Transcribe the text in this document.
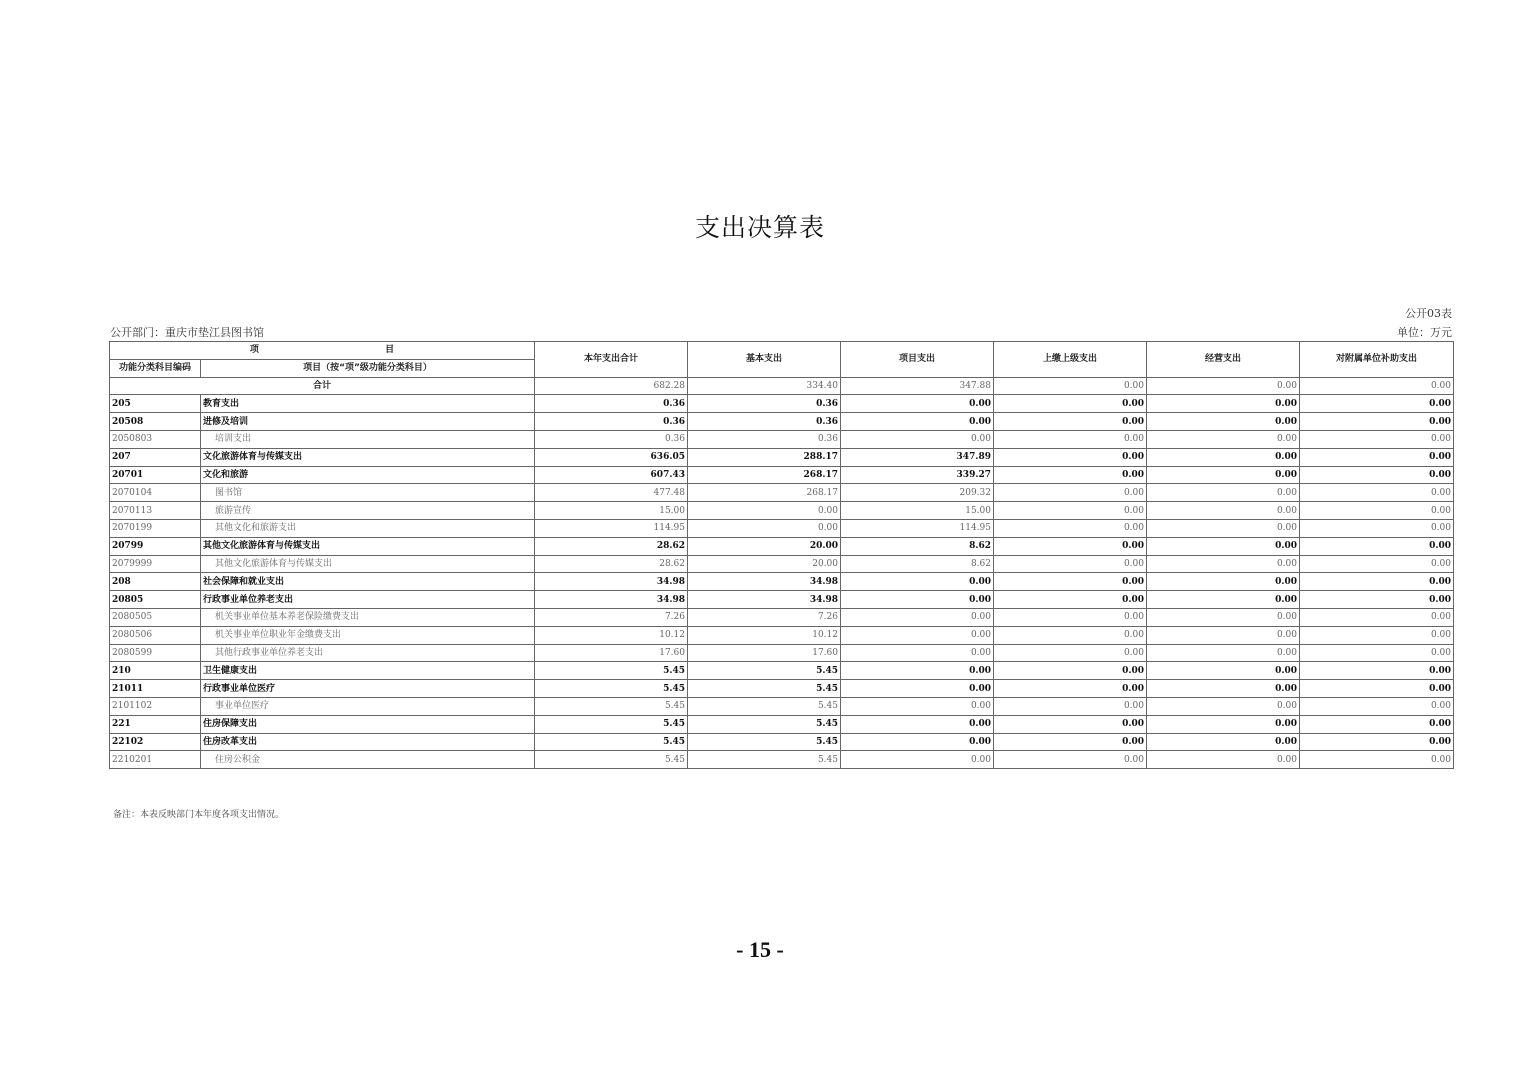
支出决算表
公开03表
公开部门：重庆市垫江县图书馆	单位：万元
项 目		本年支出合计	基本支出	项目支出	上缴上级支出	经营支出	对附属单位补助支出
功能分类科目编码	项目（按“项”级功能分类科目）						
合计		682.28	334.40	347.88	0.00	0.00	0.00
205	教育支出	0.36	0.36	0.00	0.00	0.00	0.00
20508	进修及培训	0.36	0.36	0.00	0.00	0.00	0.00
2050803	培训支出	0.36	0.36	0.00	0.00	0.00	0.00
207	文化旅游体育与传媒支出	636.05	288.17	347.89	0.00	0.00	0.00
20701	文化和旅游	607.43	268.17	339.27	0.00	0.00	0.00
2070104	图书馆	477.48	268.17	209.32	0.00	0.00	0.00
2070113	旅游宣传	15.00	0.00	15.00	0.00	0.00	0.00
2070199	其他文化和旅游支出	114.95	0.00	114.95	0.00	0.00	0.00
20799	其他文化旅游体育与传媒支出	28.62	20.00	8.62	0.00	0.00	0.00
2079999	其他文化旅游体育与传媒支出	28.62	20.00	8.62	0.00	0.00	0.00
208	社会保障和就业支出	34.98	34.98	0.00	0.00	0.00	0.00
20805	行政事业单位养老支出	34.98	34.98	0.00	0.00	0.00	0.00
2080505	机关事业单位基本养老保险缴费支出	7.26	7.26	0.00	0.00	0.00	0.00
2080506	机关事业单位职业年金缴费支出	10.12	10.12	0.00	0.00	0.00	0.00
2080599	其他行政事业单位养老支出	17.60	17.60	0.00	0.00	0.00	0.00
210	卫生健康支出	5.45	5.45	0.00	0.00	0.00	0.00
21011	行政事业单位医疗	5.45	5.45	0.00	0.00	0.00	0.00
2101102	事业单位医疗	5.45	5.45	0.00	0.00	0.00	0.00
221	住房保障支出	5.45	5.45	0.00	0.00	0.00	0.00
22102	住房改革支出	5.45	5.45	0.00	0.00	0.00	0.00
2210201	住房公积金	5.45	5.45	0.00	0.00	0.00	0.00
备注：本表反映部门本年度各项支出情况。
- 15 -
